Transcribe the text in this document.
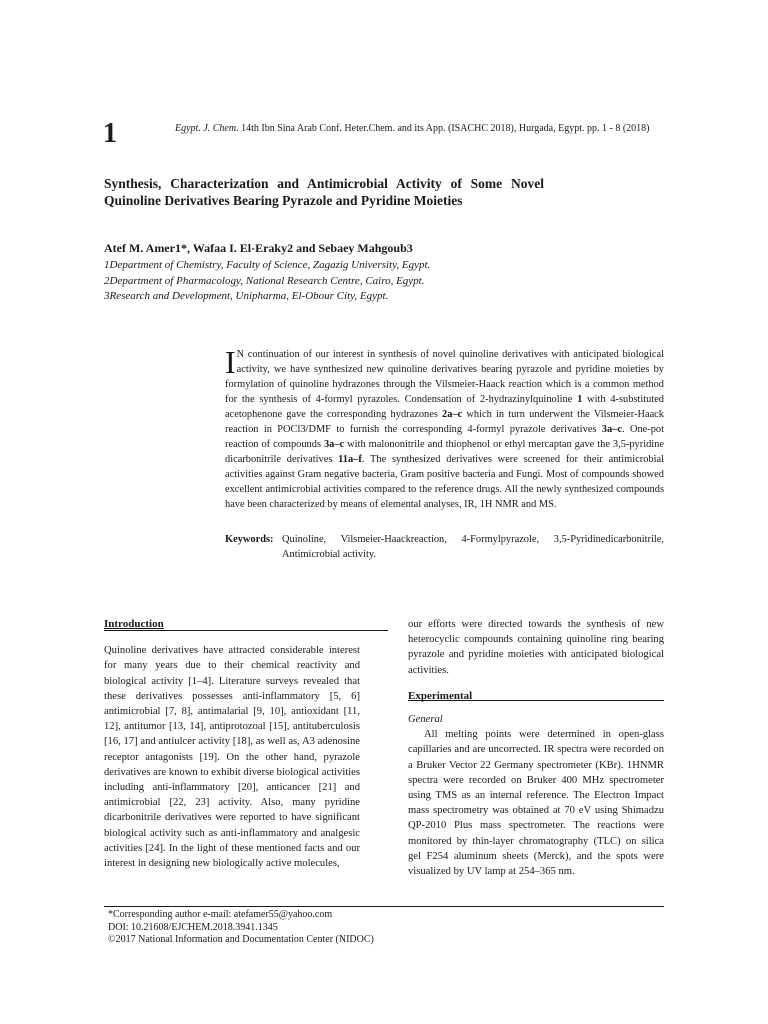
1	Egypt. J. Chem. 14th Ibn Sina Arab Conf. Heter.Chem. and its App. (ISACHC 2018), Hurgada, Egypt. pp. 1 - 8 (2018)
Synthesis, Characterization and Antimicrobial Activity of Some Novel Quinoline Derivatives Bearing Pyrazole and Pyridine Moieties
Atef M. Amer1*, Wafaa I. El-Eraky2 and Sebaey Mahgoub3
1Department of Chemistry, Faculty of Science, Zagazig University, Egypt.
2Department of Pharmacology, National Research Centre, Cairo, Egypt.
3Research and Development, Unipharma, El-Obour City, Egypt.
I N continuation of our interest in synthesis of novel quinoline derivatives with anticipated biological activity, we have synthesized new quinoline derivatives bearing pyrazole and pyridine moieties by formylation of quinoline hydrazones through the Vilsmeier-Haack reaction which is a common method for the synthesis of 4-formyl pyrazoles. Condensation of 2-hydrazinylquinoline 1 with 4-substituted acetophenone gave the corresponding hydrazones 2a–c which in turn underwent the Vilsmeier-Haack reaction in POCl3/DMF to furnish the corresponding 4-formyl pyrazole derivatives 3a–c. One-pot reaction of compounds 3a–c with malononitrile and thiophenol or ethyl mercaptan gave the 3,5-pyridine dicarbonitrile derivatives 11a–f. The synthesized derivatives were screened for their antimicrobial activities against Gram negative bacteria, Gram positive bacteria and Fungi. Most of compounds showed excellent antimicrobial activities compared to the reference drugs. All the newly synthesized compounds have been characterized by means of elemental analyses, IR, 1H NMR and MS.
Keywords: Quinoline, Vilsmeier-Haackreaction, 4-Formylpyrazole, 3,5-Pyridinedicarbonitrile, Antimicrobial activity.
Introduction
Quinoline derivatives have attracted considerable interest for many years due to their chemical reactivity and biological activity [1–4]. Literature surveys revealed that these derivatives possesses anti-inflammatory [5, 6] antimicrobial [7, 8], antimalarial [9, 10], antioxidant [11, 12], antitumor [13, 14], antiprotozoal [15], antituberculosis [16, 17] and antiulcer activity [18], as well as, A3 adenosine receptor antagonists [19]. On the other hand, pyrazole derivatives are known to exhibit diverse biological activities including anti-inflammatory [20], anticancer [21] and antimicrobial [22, 23] activity. Also, many pyridine dicarbonitrile derivatives were reported to have significant biological activity such as anti-inflammatory and analgesic activities [24]. In the light of these mentioned facts and our interest in designing new biologically active molecules,
our efforts were directed towards the synthesis of new heterocyclic compounds containing quinoline ring bearing pyrazole and pyridine moieties with anticipated biological activities.
Experimental
General
All melting points were determined in open-glass capillaries and are uncorrected. IR spectra were recorded on a Bruker Vector 22 Germany spectrometer (KBr). 1HNMR spectra were recorded on Bruker 400 MHz spectrometer using TMS as an internal reference. The Electron Impact mass spectrometry was obtained at 70 eV using Shimadzu QP-2010 Plus mass spectrometer. The reactions were monitored by thin-layer chromatography (TLC) on silica gel F254 aluminum sheets (Merck), and the spots were visualized by UV lamp at 254–365 nm.
*Corresponding author e-mail: atefamer55@yahoo.com
DOI: 10.21608/EJCHEM.2018.3941.1345
©2017 National Information and Documentation Center (NIDOC)
